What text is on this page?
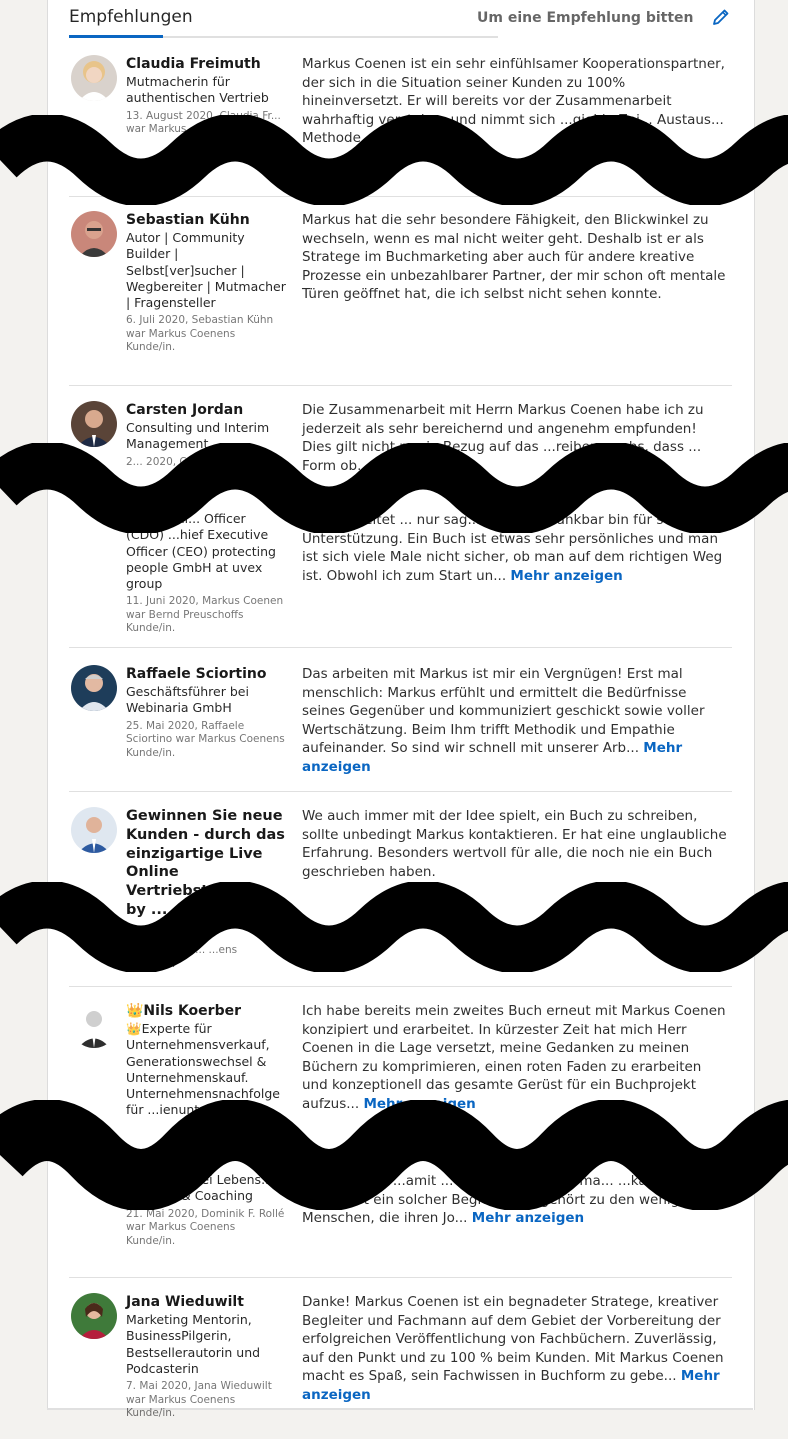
Empfehlungen	Um eine Empfehlung bitten
Claudia Freimuth
Mutmacherin für authentischen Vertrieb
13. August 2020, Claudia Fr... war Markus ...nde/in.
Markus Coenen ist ein sehr einfühlsamer Kooperationspartner, der sich in die Situation seiner Kunden zu 100% hineinversetzt. Er will bereits vor der Zusammenarbeit wahrhaftig verstehen und nimmt sich ...giebig Zei... Austaus... Methode... M...
Sebastian Kühn
Autor | Community Builder | Selbst[ver]sucher | Wegbereiter | Mutmacher | Fragensteller
6. Juli 2020, Sebastian Kühn war Markus Coenens Kunde/in.
Markus hat die sehr besondere Fähigkeit, den Blickwinkel zu wechseln, wenn es mal nicht weiter geht. Deshalb ist er als Stratege im Buchmarketing aber auch für andere kreative Prozesse ein unbezahlbarer Partner, der mir schon oft mentale Türen geöffnet hat, die ich selbst nicht sehen konnte.
Carsten Jordan
Consulting und Interim Management
2... 2020, Carsten ...kus C...
Die Zusammenarbeit mit Herrn Markus Coenen habe ich zu jederzeit als sehr bereichernd und angenehm empfunden! Dies gilt nicht nur in Bezug auf das ...reiben m...hs, dass ... Form ob...
Group Chi... Officer (CDO) ...hief Executive Officer (CEO) protecting people GmbH at uvex group
11. Juni 2020, Markus Coenen war Bernd Preuschoffs Kunde/in.
zus... arbeitet ... nur sag... ihm sehr dankbar bin für seine Unterstützung. Ein Buch ist etwas sehr persönliches und man ist sich viele Male nicht sicher, ob man auf dem richtigen Weg ist. Obwohl ich zum Start un... Mehr anzeigen
Raffaele Sciortino
Geschäftsführer bei Webinaria GmbH
25. Mai 2020, Raffaele Sciortino war Markus Coenens Kunde/in.
Das arbeiten mit Markus ist mir ein Vergnügen! Erst mal menschlich: Markus erfühlt und ermittelt die Bedürfnisse seines Gegenüber und kommuniziert geschickt sowie voller Wertschätzung. Beim Ihm trifft Methodik und Empathie aufeinander. So sind wir schnell mit unserer Arb... Mehr anzeigen
Gewinnen Sie neue Kunden - durch das einzigartige Live Online Vertriebstraining by ...
We auch immer mit der Idee spielt, ein Buch zu schreiben, sollte unbedingt Markus kontaktieren. Er hat eine unglaubliche Erfahrung. Besonders wertvoll für alle, die noch nie ein Buch geschrieben haben.
...nger war M... ...ens Kunde/in.
👑Nils Koerber
👑Experte für Unternehmensverkauf, Generationswechsel & Unternehmenskauf. Unternehmensnachfolge für ...ienunternehme...
Ich habe bereits mein zweites Buch erneut mit Markus Coenen konzipiert und erarbeitet. In kürzester Zeit hat mich Herr Coenen in die Lage versetzt, meine Gedanken zu meinen Büchern zu komprimieren, einen roten Faden zu erarbeiten und konzeptionell das gesamte Gerüst für ein Buchprojekt aufzus... Mehr anzeigen
...g Sh... ...bei Lebens... ...g Shui & Coaching
21. Mai 2020, Dominik F. Rollé war Markus Coenens Kunde/in.
E... ...verfü... ...amit ... Pote... ...as Beste ma... ...kannst. Mar... ...enen ist ein solcher Begleiter! Er gehört zu den wenigen Menschen, die ihren Jo... Mehr anzeigen
Jana Wieduwilt
Marketing Mentorin, BusinessPilgerin, Bestsellerautorin und Podcasterin
7. Mai 2020, Jana Wieduwilt war Markus Coenens Kunde/in.
Danke! Markus Coenen ist ein begnadeter Stratege, kreativer Begleiter und Fachmann auf dem Gebiet der Vorbereitung der erfolgreichen Veröffentlichung von Fachbüchern. Zuverlässig, auf den Punkt und zu 100 % beim Kunden. Mit Markus Coenen macht es Spaß, sein Fachwissen in Buchform zu gebe... Mehr anzeigen
